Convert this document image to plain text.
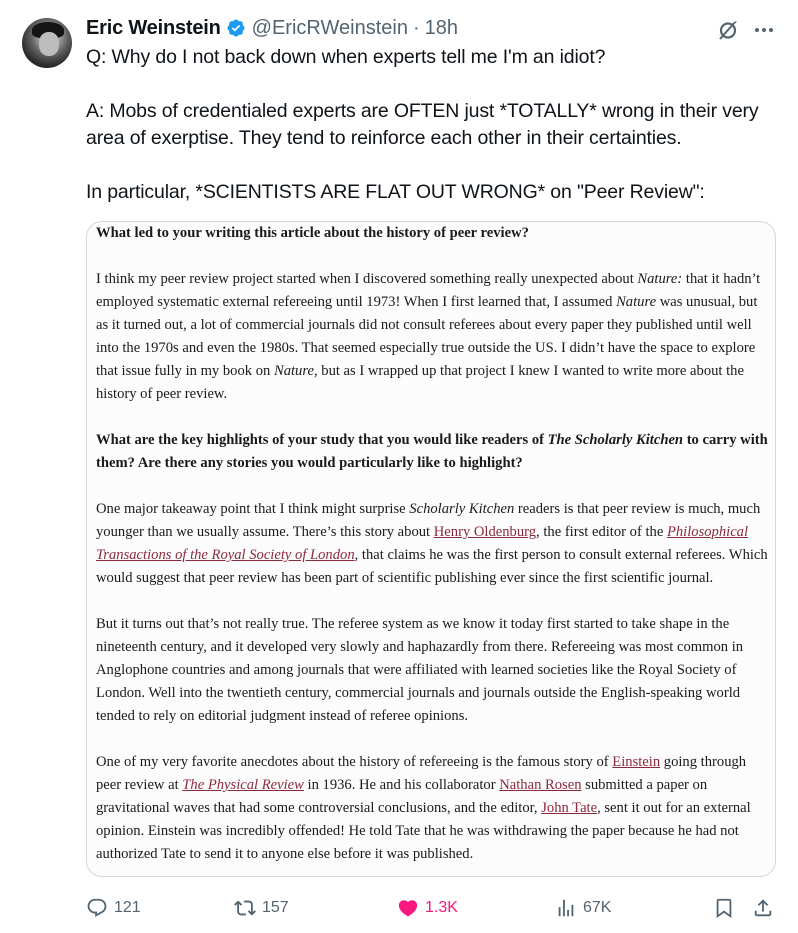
Eric Weinstein @EricRWeinstein · 18h

Q: Why do I not back down when experts tell me I'm an idiot?

A: Mobs of credentialed experts are OFTEN just *TOTALLY* wrong in their very area of exerptise. They tend to reinforce each other in their certainties.

In particular, *SCIENTISTS ARE FLAT OUT WRONG* on "Peer Review":

What led to your writing this article about the history of peer review?
I think my peer review project started when I discovered something really unexpected about Nature: that it hadn’t employed systematic external refereeing until 1973! When I first learned that, I assumed Nature was unusual, but as it turned out, a lot of commercial journals did not consult referees about every paper they published until well into the 1970s and even the 1980s. That seemed especially true outside the US. I didn’t have the space to explore that issue fully in my book on Nature, but as I wrapped up that project I knew I wanted to write more about the history of peer review.
What are the key highlights of your study that you would like readers of The Scholarly Kitchen to carry with them? Are there any stories you would particularly like to highlight?
One major takeaway point that I think might surprise Scholarly Kitchen readers is that peer review is much, much younger than we usually assume. There’s this story about Henry Oldenburg, the first editor of the Philosophical Transactions of the Royal Society of London, that claims he was the first person to consult external referees. Which would suggest that peer review has been part of scientific publishing ever since the first scientific journal.
But it turns out that’s not really true. The referee system as we know it today first started to take shape in the nineteenth century, and it developed very slowly and haphazardly from there. Refereeing was most common in Anglophone countries and among journals that were affiliated with learned societies like the Royal Society of London. Well into the twentieth century, commercial journals and journals outside the English-speaking world tended to rely on editorial judgment instead of referee opinions.
One of my very favorite anecdotes about the history of refereeing is the famous story of Einstein going through peer review at The Physical Review in 1936. He and his collaborator Nathan Rosen submitted a paper on gravitational waves that had some controversial conclusions, and the editor, John Tate, sent it out for an external opinion. Einstein was incredibly offended! He told Tate that he was withdrawing the paper because he had not authorized Tate to send it to anyone else before it was published.
121	157	1.3K	67K
